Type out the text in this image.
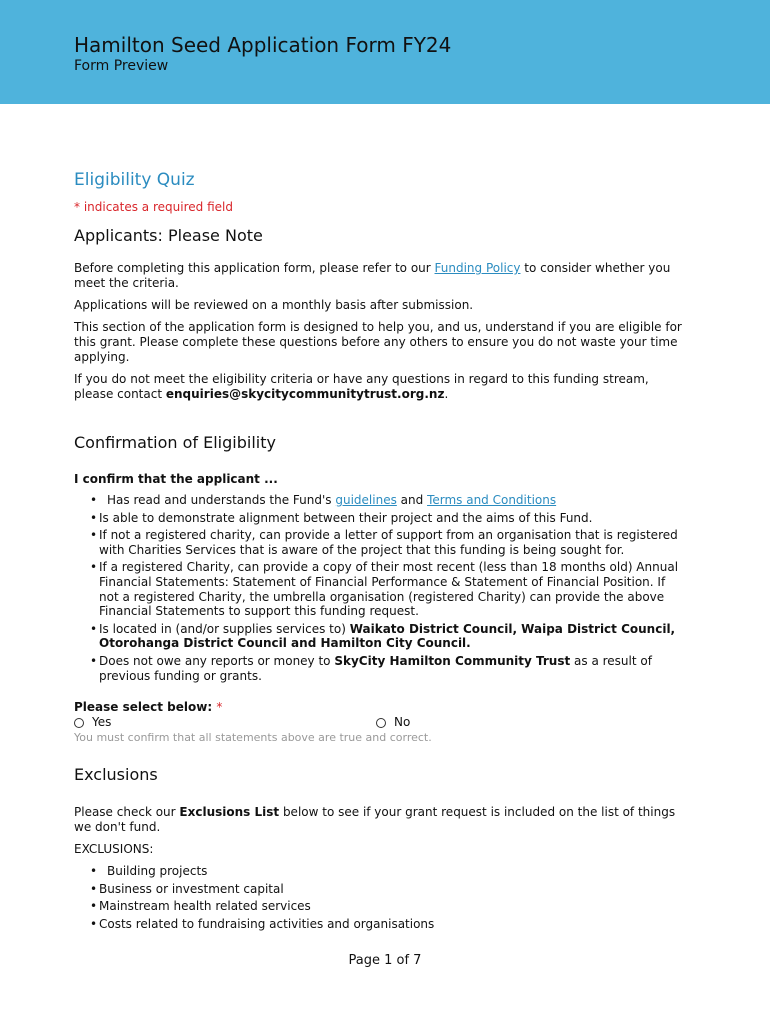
Hamilton Seed Application Form FY24
Form Preview
Eligibility Quiz
* indicates a required field
Applicants: Please Note

Before completing this application form, please refer to our Funding Policy to consider whether you meet the criteria.

Applications will be reviewed on a monthly basis after submission.

This section of the application form is designed to help you, and us, understand if you are eligible for this grant. Please complete these questions before any others to ensure you do not waste your time applying.

If you do not meet the eligibility criteria or have any questions in regard to this funding stream, please contact enquiries@skycitycommunitytrust.org.nz.

Confirmation of Eligibility

I confirm that the applicant ...

• Has read and understands the Fund's guidelines and Terms and Conditions
• Is able to demonstrate alignment between their project and the aims of this Fund.
• If not a registered charity, can provide a letter of support from an organisation that is registered with Charities Services that is aware of the project that this funding is being sought for.
• If a registered Charity, can provide a copy of their most recent (less than 18 months old) Annual Financial Statements: Statement of Financial Performance & Statement of Financial Position. If not a registered Charity, the umbrella organisation (registered Charity) can provide the above Financial Statements to support this funding request.
• Is located in (and/or supplies services to) Waikato District Council, Waipa District Council, Otorohanga District Council and Hamilton City Council.
• Does not owe any reports or money to SkyCity Hamilton Community Trust as a result of previous funding or grants.
Please select below: *
Yes	No
You must confirm that all statements above are true and correct.
Exclusions

Please check our Exclusions List below to see if your grant request is included on the list of things we don't fund.

EXCLUSIONS:

• Building projects
• Business or investment capital
• Mainstream health related services
• Costs related to fundraising activities and organisations
Page 1 of 7
